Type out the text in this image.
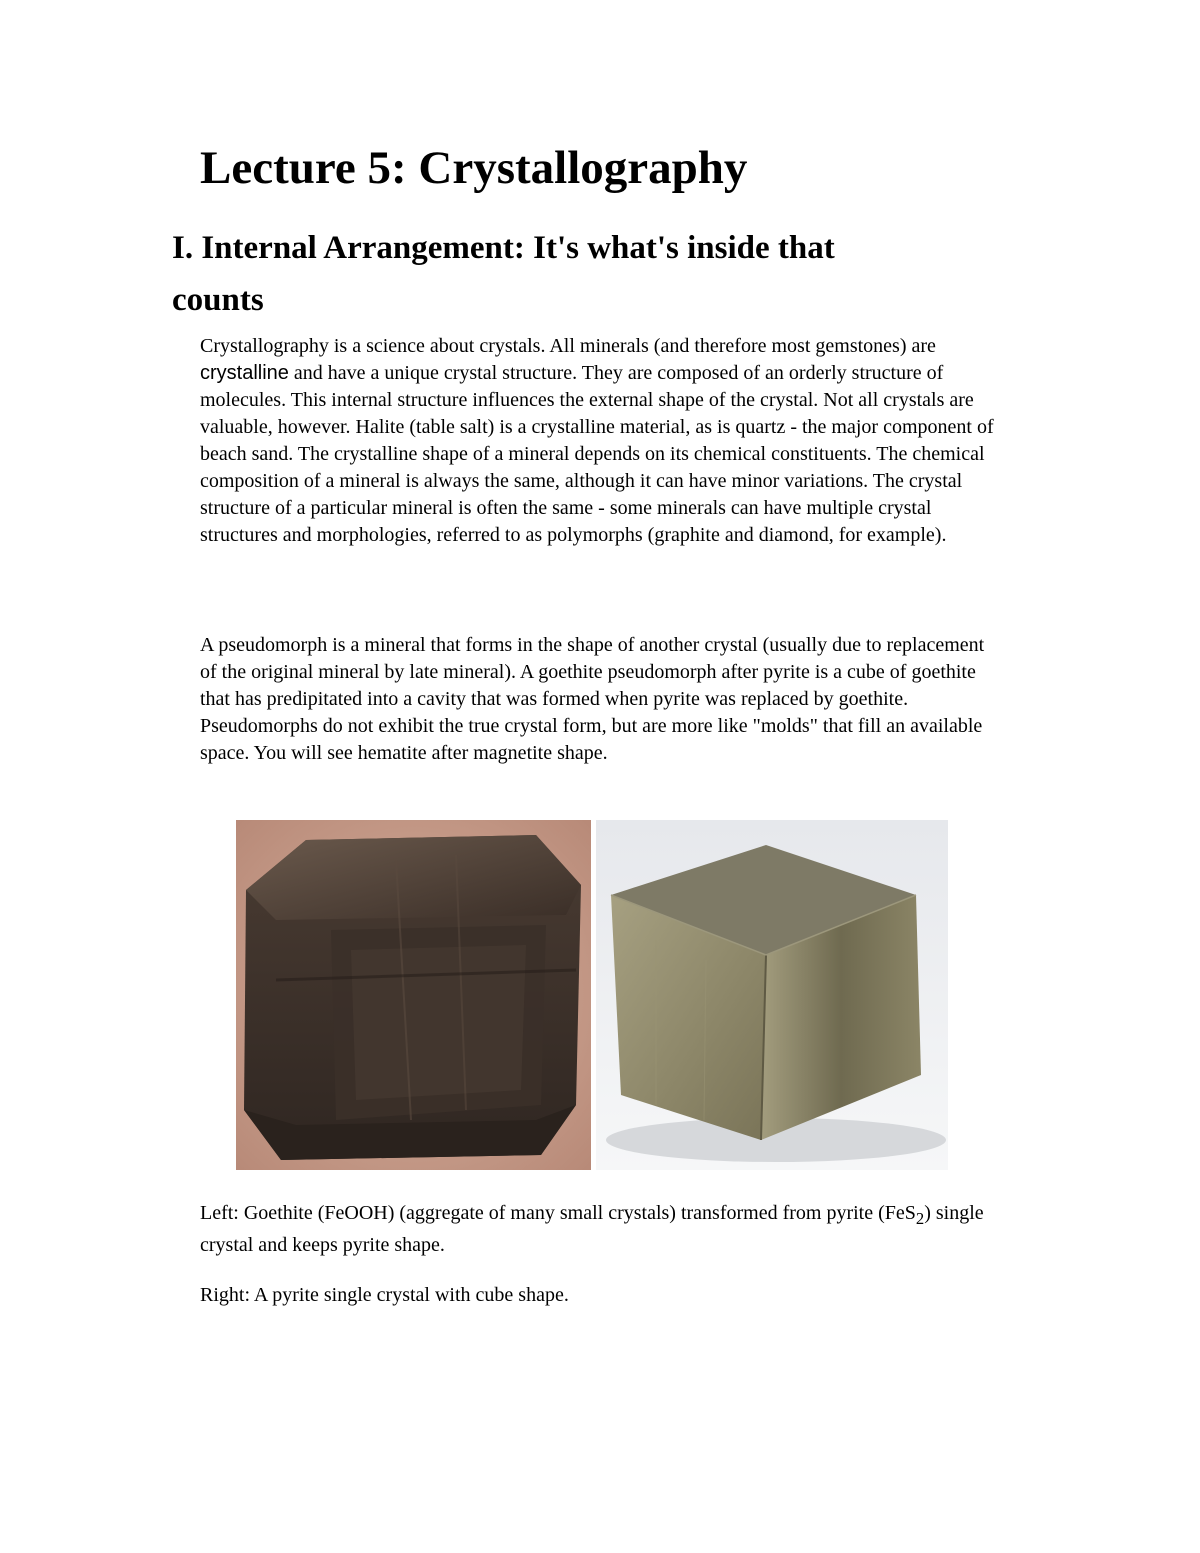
Lecture 5: Crystallography
I. Internal Arrangement: It's what's inside that counts

Crystallography is a science about crystals. All minerals (and therefore most gemstones) are crystalline and have a unique crystal structure. They are composed of an orderly structure of molecules. This internal structure influences the external shape of the crystal. Not all crystals are valuable, however. Halite (table salt) is a crystalline material, as is quartz - the major component of beach sand. The crystalline shape of a mineral depends on its chemical constituents. The chemical composition of a mineral is always the same, although it can have minor variations. The crystal structure of a particular mineral is often the same - some minerals can have multiple crystal structures and morphologies, referred to as polymorphs (graphite and diamond, for example).

A pseudomorph is a mineral that forms in the shape of another crystal (usually due to replacement of the original mineral by late mineral). A goethite pseudomorph after pyrite is a cube of goethite that has predipitated into a cavity that was formed when pyrite was replaced by goethite. Pseudomorphs do not exhibit the true crystal form, but are more like "molds" that fill an available space. You will see hematite after magnetite shape.

Left: Goethite (FeOOH) (aggregate of many small crystals) transformed from pyrite (FeS$_2$) single crystal and keeps pyrite shape.

Right: A pyrite single crystal with cube shape.
